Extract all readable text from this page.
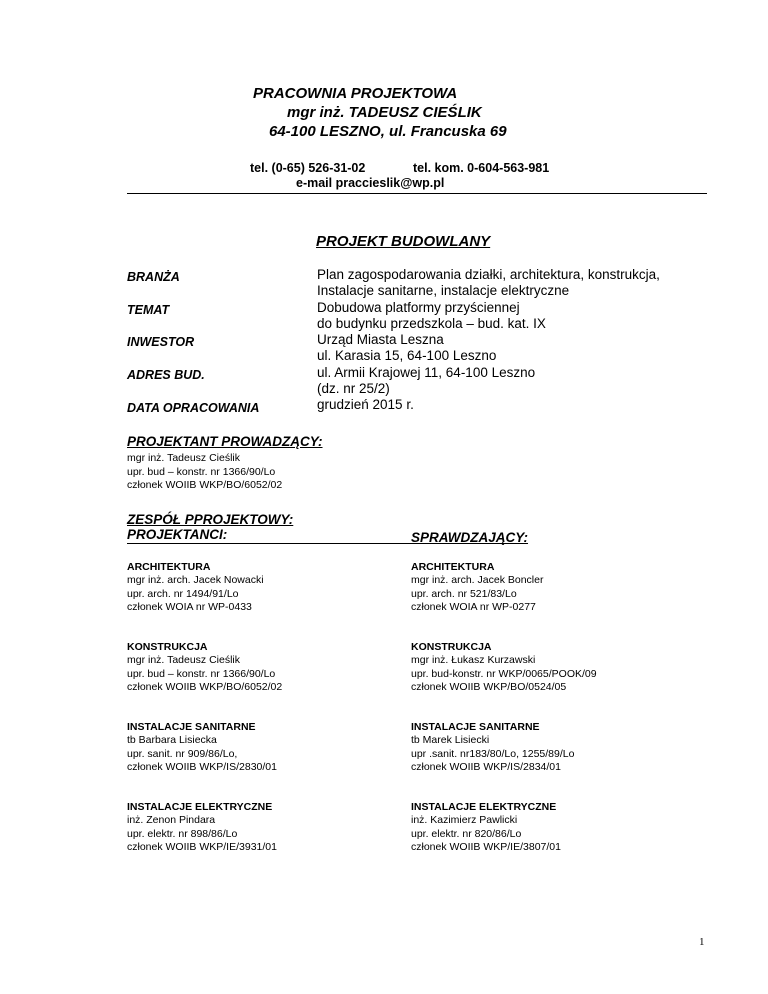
PRACOWNIA PROJEKTOWA
mgr inż. TADEUSZ CIEŚLIK
64-100 LESZNO, ul. Francuska 69
tel. (0-65) 526-31-02	tel. kom. 0-604-563-981
e-mail praccieslik@wp.pl
PROJEKT BUDOWLANY
BRANŻA
TEMAT
INWESTOR
ADRES BUD.
DATA OPRACOWANIA
Plan zagospodarowania działki, architektura, konstrukcja,
Instalacje sanitarne, instalacje elektryczne
Dobudowa platformy przyściennej
do budynku przedszkola – bud. kat. IX
Urząd Miasta Leszna
ul. Karasia 15, 64-100 Leszno
ul. Armii Krajowej 11, 64-100 Leszno
(dz. nr 25/2)
grudzień 2015 r.
PROJEKTANT PROWADZĄCY:
mgr inż. Tadeusz Cieślik
upr. bud – konstr. nr 1366/90/Lo
członek WOIIB WKP/BO/6052/02
ZESPÓŁ PPROJEKTOWY:
PROJEKTANCI:	SPRAWDZAJĄCY:
ARCHITEKTURA
mgr inż. arch. Jacek Nowacki
upr. arch. nr 1494/91/Lo
członek WOIA nr WP-0433
KONSTRUKCJA
mgr inż. Tadeusz Cieślik
upr. bud – konstr. nr 1366/90/Lo
członek WOIIB WKP/BO/6052/02
INSTALACJE SANITARNE
tb Barbara Lisiecka
upr. sanit. nr 909/86/Lo,
członek WOIIB WKP/IS/2830/01
INSTALACJE ELEKTRYCZNE
inż. Zenon Pindara
upr. elektr. nr 898/86/Lo
członek WOIIB WKP/IE/3931/01
ARCHITEKTURA
mgr inż. arch. Jacek Boncler
upr. arch. nr 521/83/Lo
członek WOIA nr WP-0277
KONSTRUKCJA
mgr inż. Łukasz Kurzawski
upr. bud-konstr. nr WKP/0065/POOK/09
członek WOIIB WKP/BO/0524/05
INSTALACJE SANITARNE
tb Marek Lisiecki
upr .sanit. nr183/80/Lo, 1255/89/Lo
członek WOIIB WKP/IS/2834/01
INSTALACJE ELEKTRYCZNE
inż. Kazimierz Pawlicki
upr. elektr. nr 820/86/Lo
członek WOIIB WKP/IE/3807/01
1
